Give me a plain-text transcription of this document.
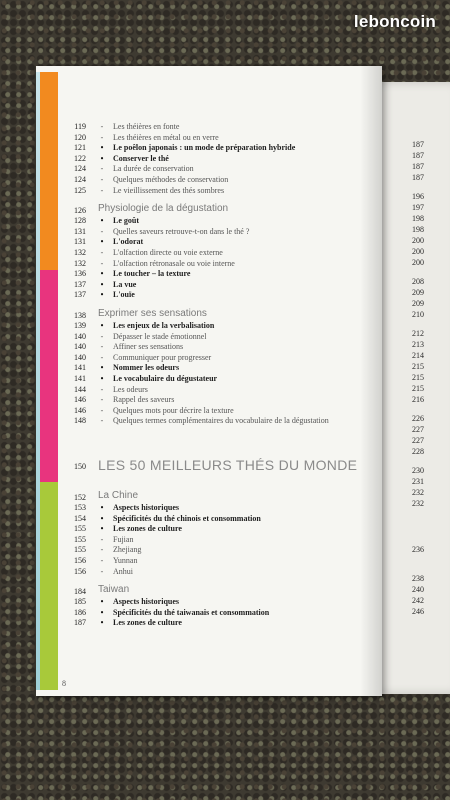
leboncoin
187
187
187
187
196
197
198
198
200
200
200
208
209
209
210
212
213
214
215
215
215
216
226
227
227
228
230
231
232
232
236
238
240
242
246
119	-	Les théières en fonte
120	-	Les théières en métal ou en verre
121	•	Le poêlon japonais : un mode de préparation hybride
122	•	Conserver le thé
124	-	La durée de conservation
124	-	Quelques méthodes de conservation
125	-	Le vieillissement des thés sombres
126 Physiologie de la dégustation
128	•	Le goût
131	-	Quelles saveurs retrouve-t-on dans le thé ?
131	•	L'odorat
132	-	L'olfaction directe ou voie externe
132	-	L'olfaction rétronasale ou voie interne
136	•	Le toucher – la texture
137	•	La vue
137	•	L'ouïe
138 Exprimer ses sensations
139	•	Les enjeux de la verbalisation
140	-	Dépasser le stade émotionnel
140	-	Affiner ses sensations
140	-	Communiquer pour progresser
141	•	Nommer les odeurs
141	•	Le vocabulaire du dégustateur
144	-	Les odeurs
146	-	Rappel des saveurs
146	-	Quelques mots pour décrire la texture
148	-	Quelques termes complémentaires du vocabulaire de la dégustation
150 LES 50 MEILLEURS THÉS DU MONDE
152 La Chine
153	•	Aspects historiques
154	•	Spécificités du thé chinois et consommation
155	•	Les zones de culture
155	-	Fujian
155	-	Zhejiang
156	-	Yunnan
156	-	Anhui
184 Taiwan
185	•	Aspects historiques
186	•	Spécificités du thé taiwanais et consommation
187	•	Les zones de culture
8
